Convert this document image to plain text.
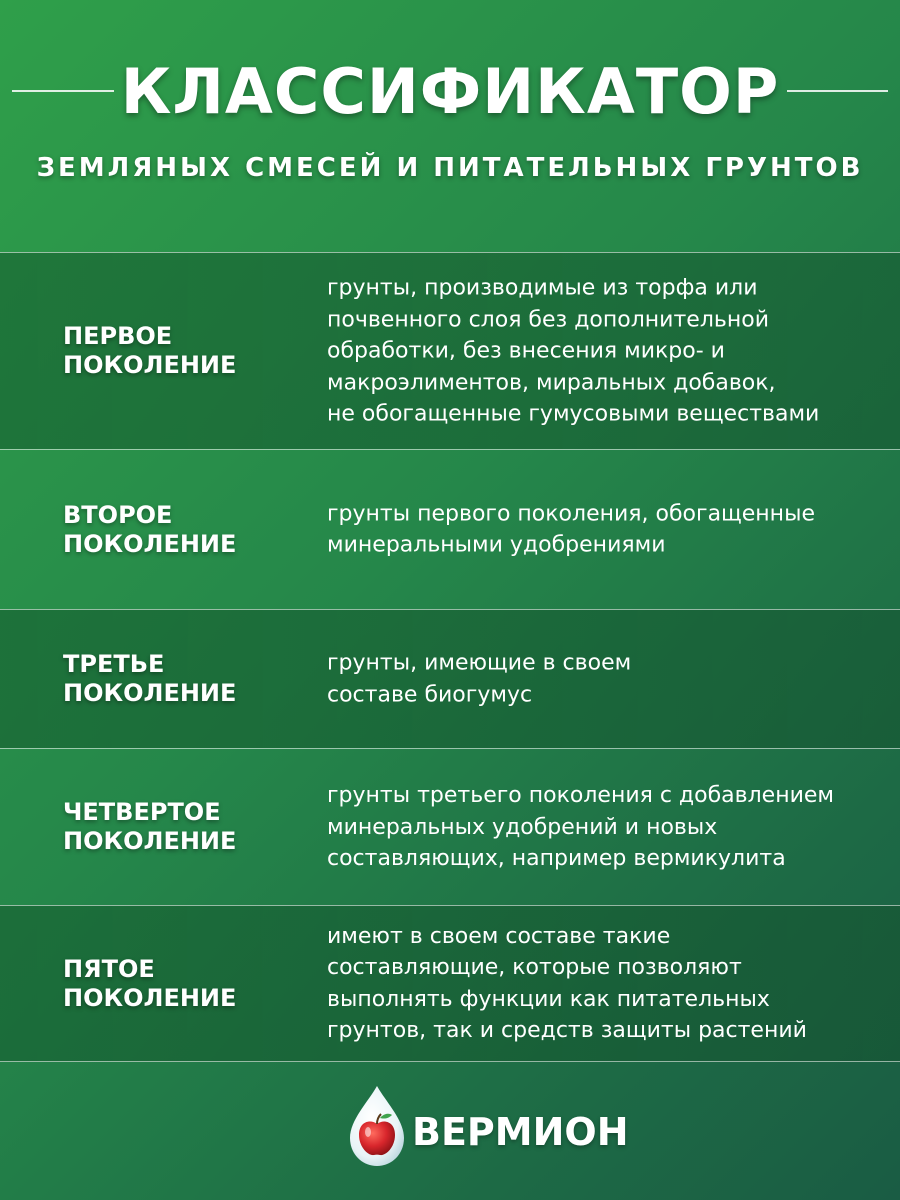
КЛАССИФИКАТОР
ЗЕМЛЯНЫХ СМЕСЕЙ И ПИТАТЕЛЬНЫХ ГРУНТОВ
ПЕРВОЕ
ПОКОЛЕНИЕ
грунты, производимые из торфа или
почвенного слоя без дополнительной
обработки, без внесения микро- и
макроэлиментов, миральных добавок,
не обогащенные гумусовыми веществами
ВТОРОЕ
ПОКОЛЕНИЕ
грунты первого поколения, обогащенные
минеральными удобрениями
ТРЕТЬЕ
ПОКОЛЕНИЕ
грунты, имеющие в своем
составе биогумус
ЧЕТВЕРТОЕ
ПОКОЛЕНИЕ
грунты третьего поколения с добавлением
минеральных удобрений и новых
составляющих, например вермикулита
ПЯТОЕ
ПОКОЛЕНИЕ
имеют в своем составе такие
составляющие, которые позволяют
выполнять функции как питательных
грунтов, так и средств защиты растений
ВЕРМИОН
